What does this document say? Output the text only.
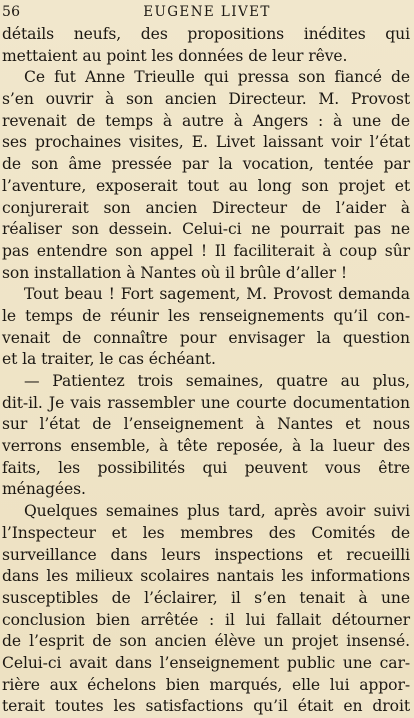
56	EUGENE LIVET
détails neufs, des propositions inédites qui
mettaient au point les données de leur rêve.
Ce fut Anne Trieulle qui pressa son fiancé de
s’en ouvrir à son ancien Directeur. M. Provost
revenait de temps à autre à Angers : à une de
ses prochaines visites, E. Livet laissant voir l’état
de son âme pressée par la vocation, tentée par
l’aventure, exposerait tout au long son projet et
conjurerait son ancien Directeur de l’aider à
réaliser son dessein. Celui-ci ne pourrait pas ne
pas entendre son appel ! Il faciliterait à coup sûr
son installation à Nantes où il brûle d’aller !
Tout beau ! Fort sagement, M. Provost demanda
le temps de réunir les renseignements qu’il con-
venait de connaître pour envisager la question
et la traiter, le cas échéant.
— Patientez trois semaines, quatre au plus,
dit-il. Je vais rassembler une courte documentation
sur l’état de l’enseignement à Nantes et nous
verrons ensemble, à tête reposée, à la lueur des
faits, les possibilités qui peuvent vous être
ménagées.
Quelques semaines plus tard, après avoir suivi
l’Inspecteur et les membres des Comités de
surveillance dans leurs inspections et recueilli
dans les milieux scolaires nantais les informations
susceptibles de l’éclairer, il s’en tenait à une
conclusion bien arrêtée : il lui fallait détourner
de l’esprit de son ancien élève un projet insensé.
Celui-ci avait dans l’enseignement public une car-
rière aux échelons bien marqués, elle lui appor-
terait toutes les satisfactions qu’il était en droit
